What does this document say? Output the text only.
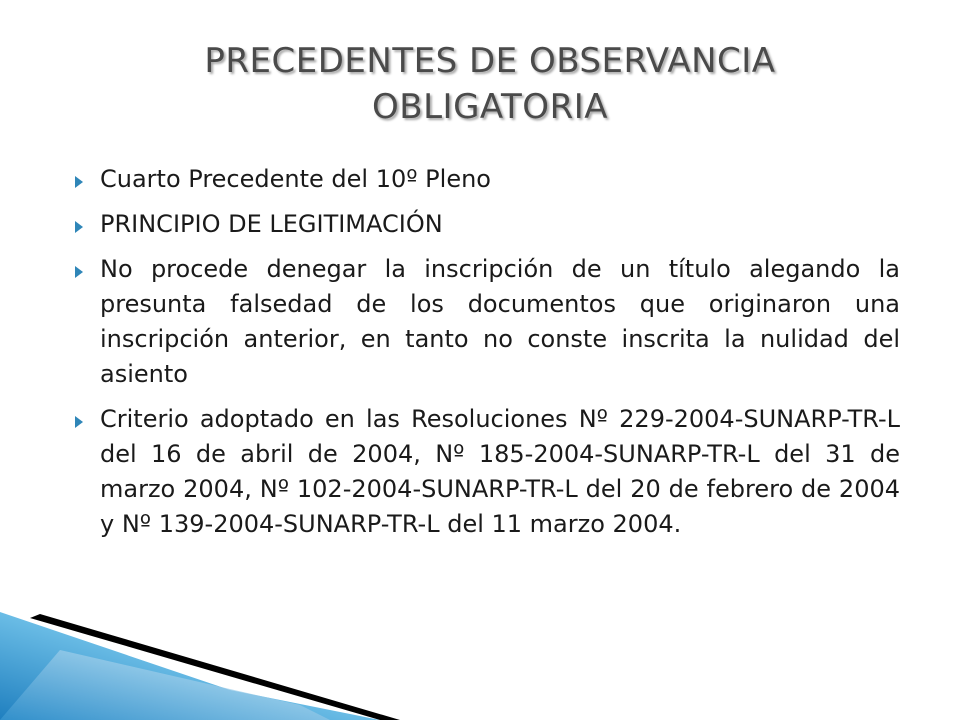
PRECEDENTES DE OBSERVANCIA OBLIGATORIA
Cuarto Precedente del 10º Pleno
PRINCIPIO DE LEGITIMACIÓN
No procede denegar la inscripción de un título alegando la presunta falsedad de los documentos que originaron una inscripción anterior, en tanto no conste inscrita la nulidad del asiento
Criterio adoptado en las Resoluciones Nº 229-2004-SUNARP-TR-L del 16 de abril de 2004, Nº 185-2004-SUNARP-TR-L del 31 de marzo 2004, Nº 102-2004-SUNARP-TR-L del 20 de febrero de 2004 y Nº 139-2004-SUNARP-TR-L del 11 marzo 2004.
